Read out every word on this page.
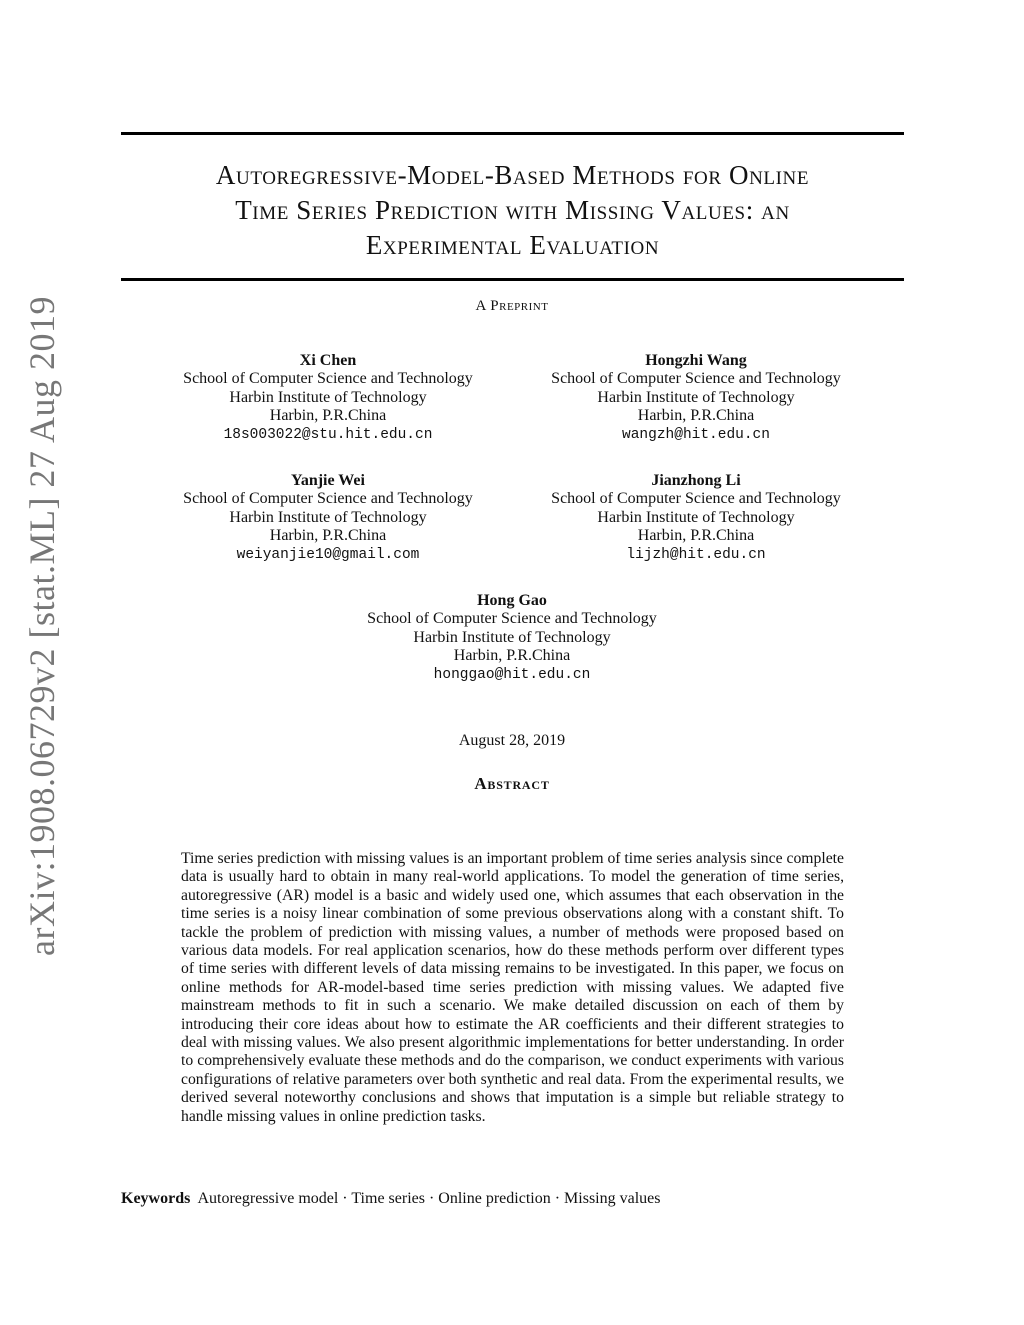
arXiv:1908.06729v2 [stat.ML] 27 Aug 2019
Autoregressive-Model-Based Methods for Online
Time Series Prediction with Missing Values: an
Experimental Evaluation
A Preprint
Xi Chen
School of Computer Science and Technology
Harbin Institute of Technology
Harbin, P.R.China
18s003022@stu.hit.edu.cn
Hongzhi Wang
School of Computer Science and Technology
Harbin Institute of Technology
Harbin, P.R.China
wangzh@hit.edu.cn
Yanjie Wei
School of Computer Science and Technology
Harbin Institute of Technology
Harbin, P.R.China
weiyanjie10@gmail.com
Jianzhong Li
School of Computer Science and Technology
Harbin Institute of Technology
Harbin, P.R.China
lijzh@hit.edu.cn
Hong Gao
School of Computer Science and Technology
Harbin Institute of Technology
Harbin, P.R.China
honggao@hit.edu.cn
August 28, 2019
Abstract
Time series prediction with missing values is an important problem of time series analysis since complete data is usually hard to obtain in many real-world applications. To model the generation of time series, autoregressive (AR) model is a basic and widely used one, which assumes that each observation in the time series is a noisy linear combination of some previous observations along with a constant shift. To tackle the problem of prediction with missing values, a number of methods were proposed based on various data models. For real application scenarios, how do these methods perform over different types of time series with different levels of data missing remains to be investigated. In this paper, we focus on online methods for AR-model-based time series prediction with missing values. We adapted five mainstream methods to fit in such a scenario. We make detailed discussion on each of them by introducing their core ideas about how to estimate the AR coefficients and their different strategies to deal with missing values. We also present algorithmic implementations for better understanding. In order to comprehensively evaluate these methods and do the comparison, we conduct experiments with various configurations of relative parameters over both synthetic and real data. From the experimental results, we derived several noteworthy conclusions and shows that imputation is a simple but reliable strategy to handle missing values in online prediction tasks.
Keywords Autoregressive model · Time series · Online prediction · Missing values
